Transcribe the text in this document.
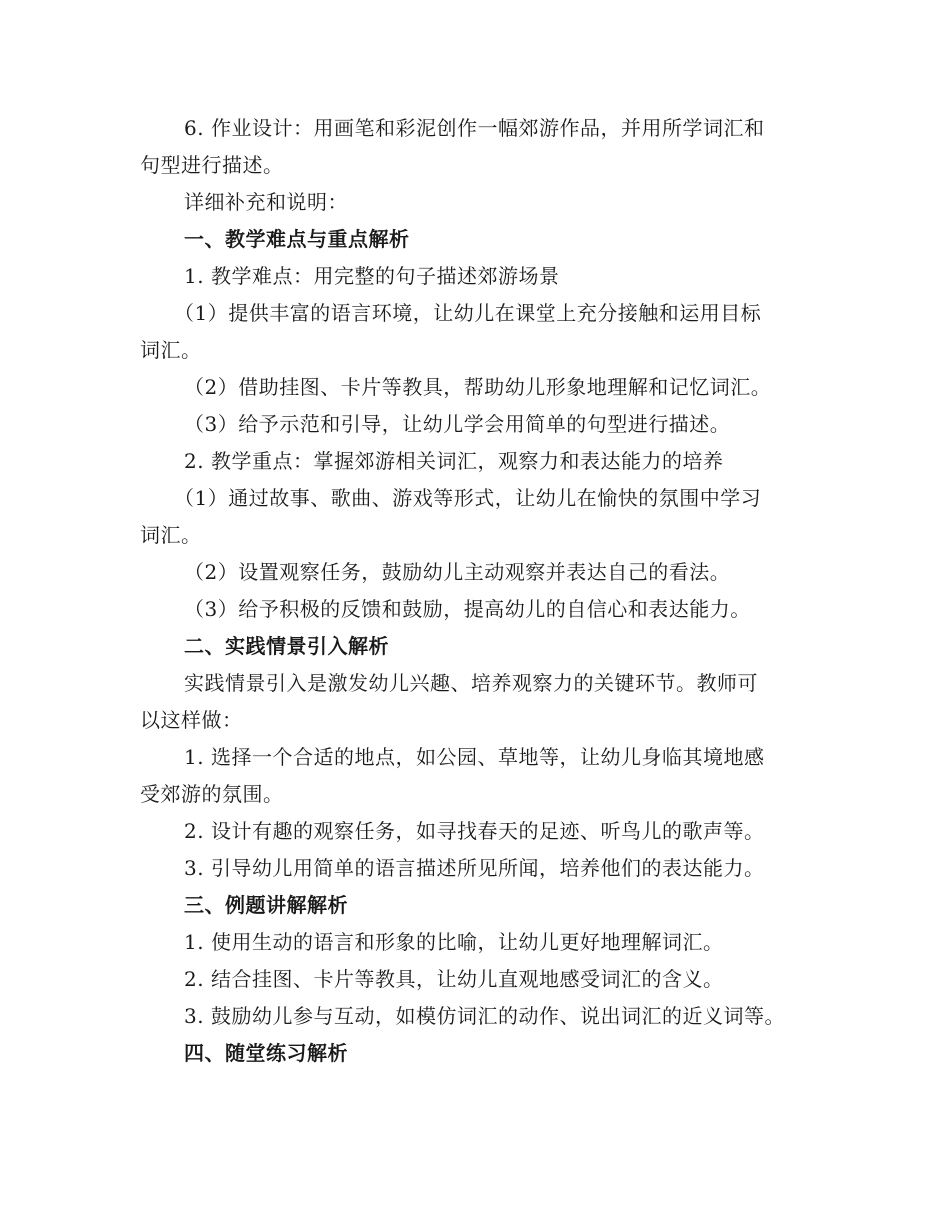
6. 作业设计：用画笔和彩泥创作一幅郊游作品，并用所学词汇和
句型进行描述。
详细补充和说明：
一、教学难点与重点解析
1. 教学难点：用完整的句子描述郊游场景
（1）提供丰富的语言环境，让幼儿在课堂上充分接触和运用目标
词汇。
（2）借助挂图、卡片等教具，帮助幼儿形象地理解和记忆词汇。
（3）给予示范和引导，让幼儿学会用简单的句型进行描述。
2. 教学重点：掌握郊游相关词汇，观察力和表达能力的培养
（1）通过故事、歌曲、游戏等形式，让幼儿在愉快的氛围中学习
词汇。
（2）设置观察任务，鼓励幼儿主动观察并表达自己的看法。
（3）给予积极的反馈和鼓励，提高幼儿的自信心和表达能力。
二、实践情景引入解析
实践情景引入是激发幼儿兴趣、培养观察力的关键环节。教师可
以这样做：
1. 选择一个合适的地点，如公园、草地等，让幼儿身临其境地感
受郊游的氛围。
2. 设计有趣的观察任务，如寻找春天的足迹、听鸟儿的歌声等。
3. 引导幼儿用简单的语言描述所见所闻，培养他们的表达能力。
三、例题讲解解析
1. 使用生动的语言和形象的比喻，让幼儿更好地理解词汇。
2. 结合挂图、卡片等教具，让幼儿直观地感受词汇的含义。
3. 鼓励幼儿参与互动，如模仿词汇的动作、说出词汇的近义词等。
四、随堂练习解析
